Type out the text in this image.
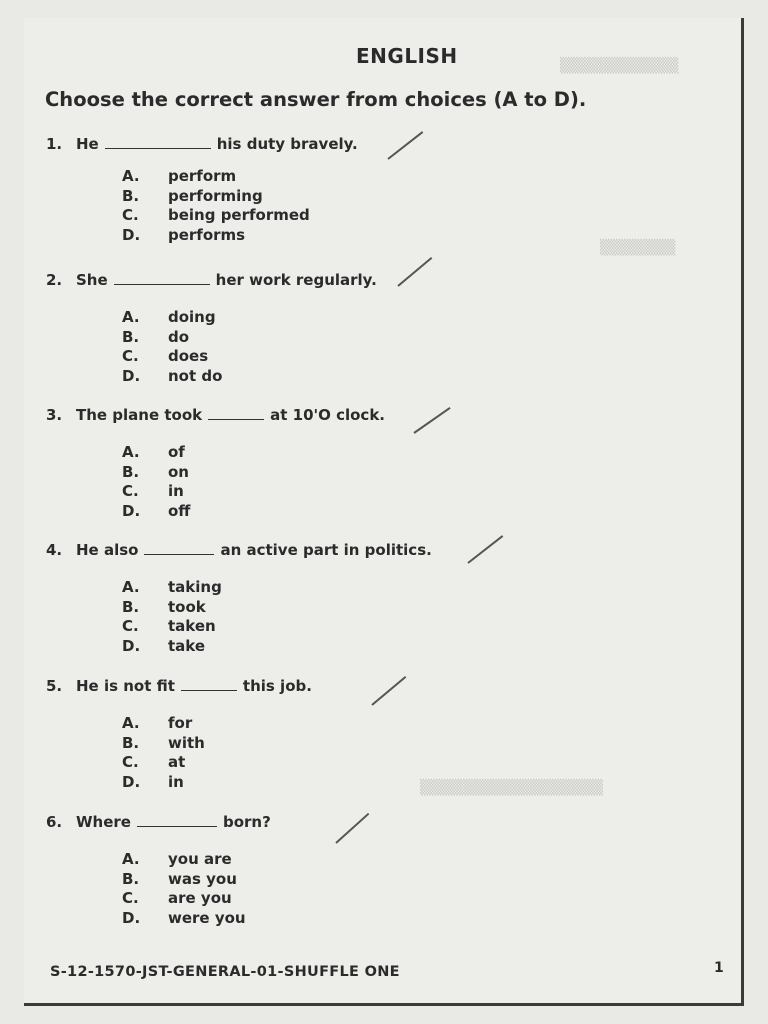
▒▒▒▒▒▒▒▒▒▒▒
▒▒▒▒▒▒▒
▒▒▒▒▒▒▒▒▒▒▒▒▒▒▒▒▒
ENGLISH
Choose the correct answer from choices (A to D).
1. He	his duty bravely.
A. perform
B. performing
C. being performed
D. performs
2. She	her work regularly.
A. doing
B. do
C. does
D. not do
3. The plane took	at 10'O clock.
A. of
B. on
C. in
D. off
4. He also	an active part in politics.
A. taking
B. took
C. taken
D. take
5. He is not fit	this job.
A. for
B. with
C. at
D. in
6. Where	born?
A. you are
B. was you
C. are you
D. were you
S-12-1570-JST-GENERAL-01-SHUFFLE ONE	1
